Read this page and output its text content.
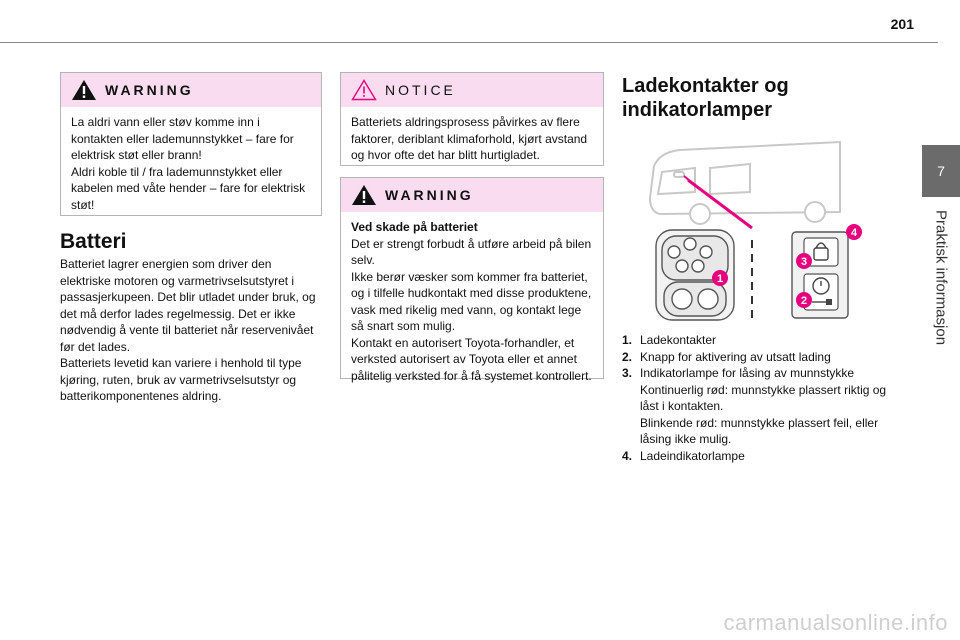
201
7
Praktisk informasjon
WARNING

La aldri vann eller støv komme inn i kontakten eller lademunnstykket – fare for elektrisk støt eller brann!
Aldri koble til / fra lademunnstykket eller kabelen med våte hender – fare for elektrisk støt!

Batteri

Batteriet lagrer energien som driver den elektriske motoren og varmetrivselsutstyret i passasjerkupeen. Det blir utladet under bruk, og det må derfor lades regelmessig. Det er ikke nødvendig å vente til batteriet når reservenivået før det lades.
Batteriets levetid kan variere i henhold til type kjøring, ruten, bruk av varmetrivselsutstyr og batterikomponentenes aldring.

NOTICE

Batteriets aldringsprosess påvirkes av flere faktorer, deriblant klimaforhold, kjørt avstand og hvor ofte det har blitt hurtigladet.

WARNING

Ved skade på batteriet

Det er strengt forbudt å utføre arbeid på bilen selv.
Ikke berør væsker som kommer fra batteriet, og i tilfelle hudkontakt med disse produktene, vask med rikelig med vann, og kontakt lege så snart som mulig.
Kontakt en autorisert Toyota-forhandler, et verksted autorisert av Toyota eller et annet pålitelig verksted for å få systemet kontrollert.

Ladekontakter og indikatorlamper
1
2
3
4
1. Ladekontakter
2. Knapp for aktivering av utsatt lading
3. Indikatorlampe for låsing av munnstykke
Kontinuerlig rød: munnstykke plassert riktig og låst i kontakten.
Blinkende rød: munnstykke plassert feil, eller låsing ikke mulig.
4. Ladeindikatorlampe
carmanualsonline.info
